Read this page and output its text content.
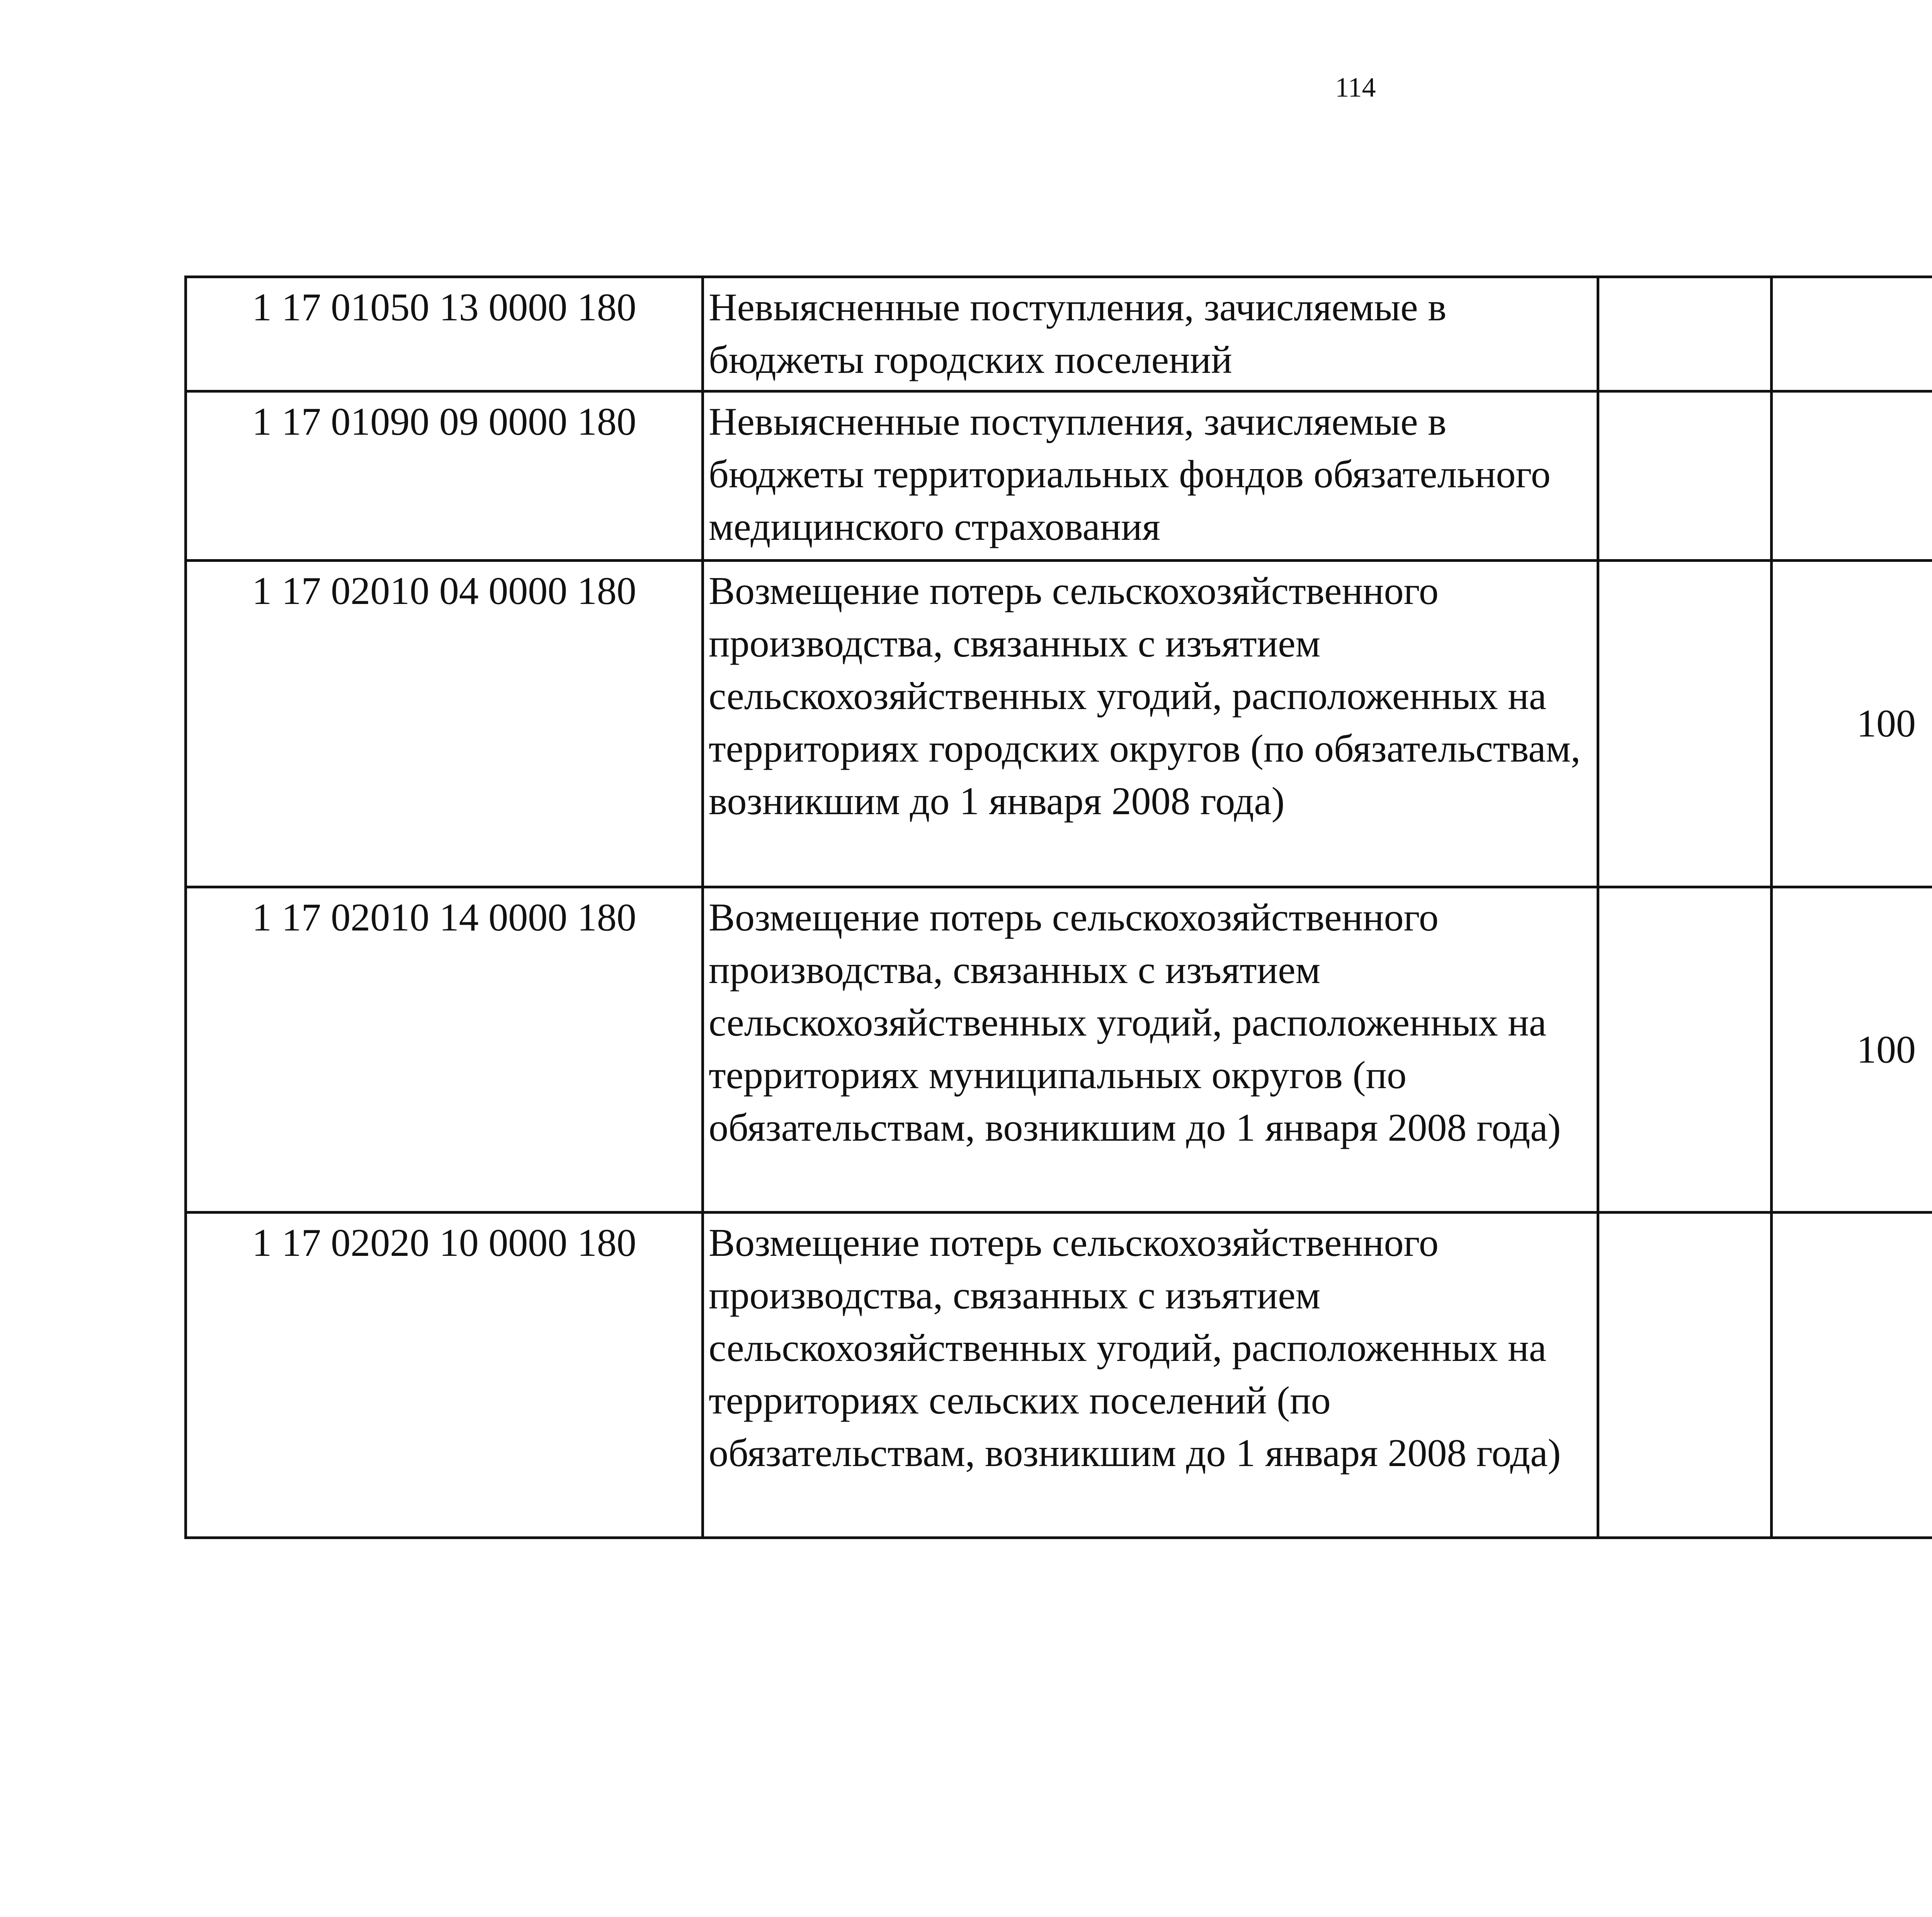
114
1 17 01050 13 0000 180	Невыясненные поступления, зачисляемые в бюджеты городских поселений					
1 17 01090 09 0000 180	Невыясненные поступления, зачисляемые в бюджеты территориальных фондов обязательного медицинского страхования					
1 17 02010 04 0000 180	Возмещение потерь сельскохозяйственного производства, связанных с изъятием сельскохозяйственных угодий, расположенных на территориях городских округов (по обязательствам, возникшим до 1 января 2008 года)		100			
1 17 02010 14 0000 180	Возмещение потерь сельскохозяйственного производства, связанных с изъятием сельскохозяйственных угодий, расположенных на территориях муниципальных округов (по обязательствам, возникшим до 1 января 2008 года)		100			
1 17 02020 10 0000 180	Возмещение потерь сельскохозяйственного производства, связанных с изъятием сельскохозяйственных угодий, расположенных на территориях сельских поселений (по обязательствам, возникшим до 1 января 2008 года)					
